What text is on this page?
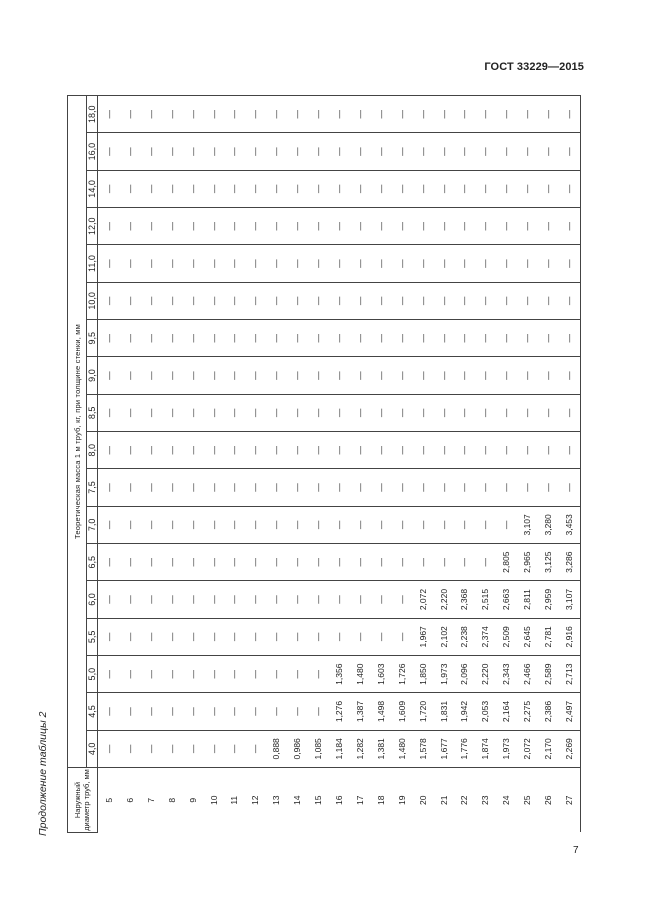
ГОСТ 33229—2015
Продолжение таблицы 2	Наружный диаметр труб, мм	Теоретическая масса 1 м труб, кг, при толщине стенки, мм																	
	4,0	4,5	5,0	5,5	6,0	6,5	7,0	7,5	8,0	8,5	9,0	9,5	10,0	11,0	12,0	14,0	16,0	18,0
5	—	—	—	—	—	—	—	—	—	—	—	—	—	—	—	—	—	—
6	—	—	—	—	—	—	—	—	—	—	—	—	—	—	—	—	—	—
7	—	—	—	—	—	—	—	—	—	—	—	—	—	—	—	—	—	—
8	—	—	—	—	—	—	—	—	—	—	—	—	—	—	—	—	—	—
9	—	—	—	—	—	—	—	—	—	—	—	—	—	—	—	—	—	—
10	—	—	—	—	—	—	—	—	—	—	—	—	—	—	—	—	—	—
11	—	—	—	—	—	—	—	—	—	—	—	—	—	—	—	—	—	—
12	—	—	—	—	—	—	—	—	—	—	—	—	—	—	—	—	—	—
13	0,888	—	—	—	—	—	—	—	—	—	—	—	—	—	—	—	—	—
14	0,986	—	—	—	—	—	—	—	—	—	—	—	—	—	—	—	—	—
15	1,085	—	—	—	—	—	—	—	—	—	—	—	—	—	—	—	—	—
16	1,184	1,276	1,356	—	—	—	—	—	—	—	—	—	—	—	—	—	—	—
17	1,282	1,387	1,480	—	—	—	—	—	—	—	—	—	—	—	—	—	—	—
18	1,381	1,498	1,603	—	—	—	—	—	—	—	—	—	—	—	—	—	—	—
19	1,480	1,609	1,726	—	—	—	—	—	—	—	—	—	—	—	—	—	—	—
20	1,578	1,720	1,850	1,967	2,072	—	—	—	—	—	—	—	—	—	—	—	—	—
21	1,677	1,831	1,973	2,102	2,220	—	—	—	—	—	—	—	—	—	—	—	—	—
22	1,776	1,942	2,096	2,238	2,368	—	—	—	—	—	—	—	—	—	—	—	—	—
23	1,874	2,053	2,220	2,374	2,515	—	—	—	—	—	—	—	—	—	—	—	—	—
24	1,973	2,164	2,343	2,509	2,663	2,805	—	—	—	—	—	—	—	—	—	—	—	—
25	2,072	2,275	2,466	2,645	2,811	2,965	3,107	—	—	—	—	—	—	—	—	—	—	—
26	2,170	2,386	2,589	2,781	2,959	3,125	3,280	—	—	—	—	—	—	—	—	—	—	—
27	2,269	2,497	2,713	2,916	3,107	3,286	3,453	—	—	—	—	—	—	—	—	—	—	—
7
